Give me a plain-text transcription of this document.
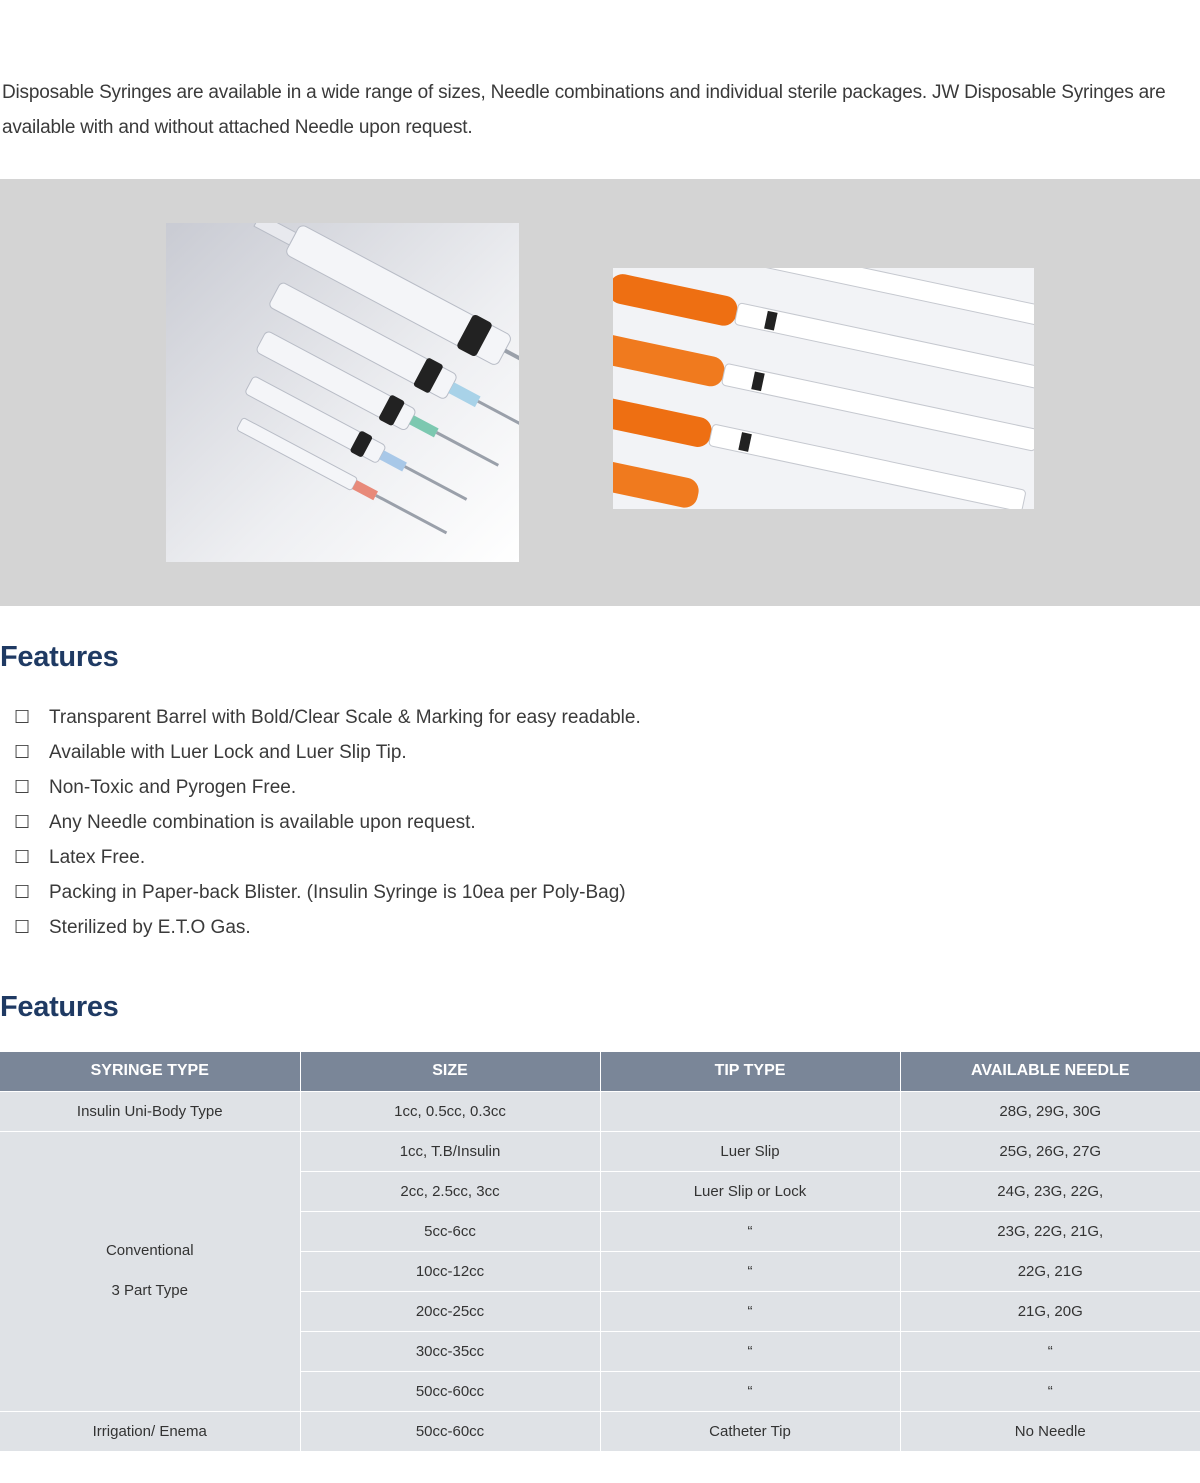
Disposable Syringes are available in a wide range of sizes, Needle combinations and individual sterile packages. JW Disposable Syringes are available with and without attached Needle upon request.

Features
☐ Transparent Barrel with Bold/Clear Scale & Marking for easy readable.
☐ Available with Luer Lock and Luer Slip Tip.
☐ Non-Toxic and Pyrogen Free.
☐ Any Needle combination is available upon request.
☐ Latex Free.
☐ Packing in Paper-back Blister. (Insulin Syringe is 10ea per Poly-Bag)
☐ Sterilized by E.T.O Gas.
Features
SYRINGE TYPE	SIZE	TIP TYPE	AVAILABLE NEEDLE
Insulin Uni-Body Type	1cc, 0.5cc, 0.3cc		28G, 29G, 30G

Conventional
3 Part Type	1cc, T.B/Insulin	Luer Slip	25G, 26G, 27G
	2cc, 2.5cc, 3cc	Luer Slip or Lock	24G, 23G, 22G,
	5cc-6cc	“	23G, 22G, 21G,
	10cc-12cc	“	22G, 21G
	20cc-25cc	“	21G, 20G
	30cc-35cc	“	“
	50cc-60cc	“	“
Irrigation/ Enema	50cc-60cc	Catheter Tip	No Needle
